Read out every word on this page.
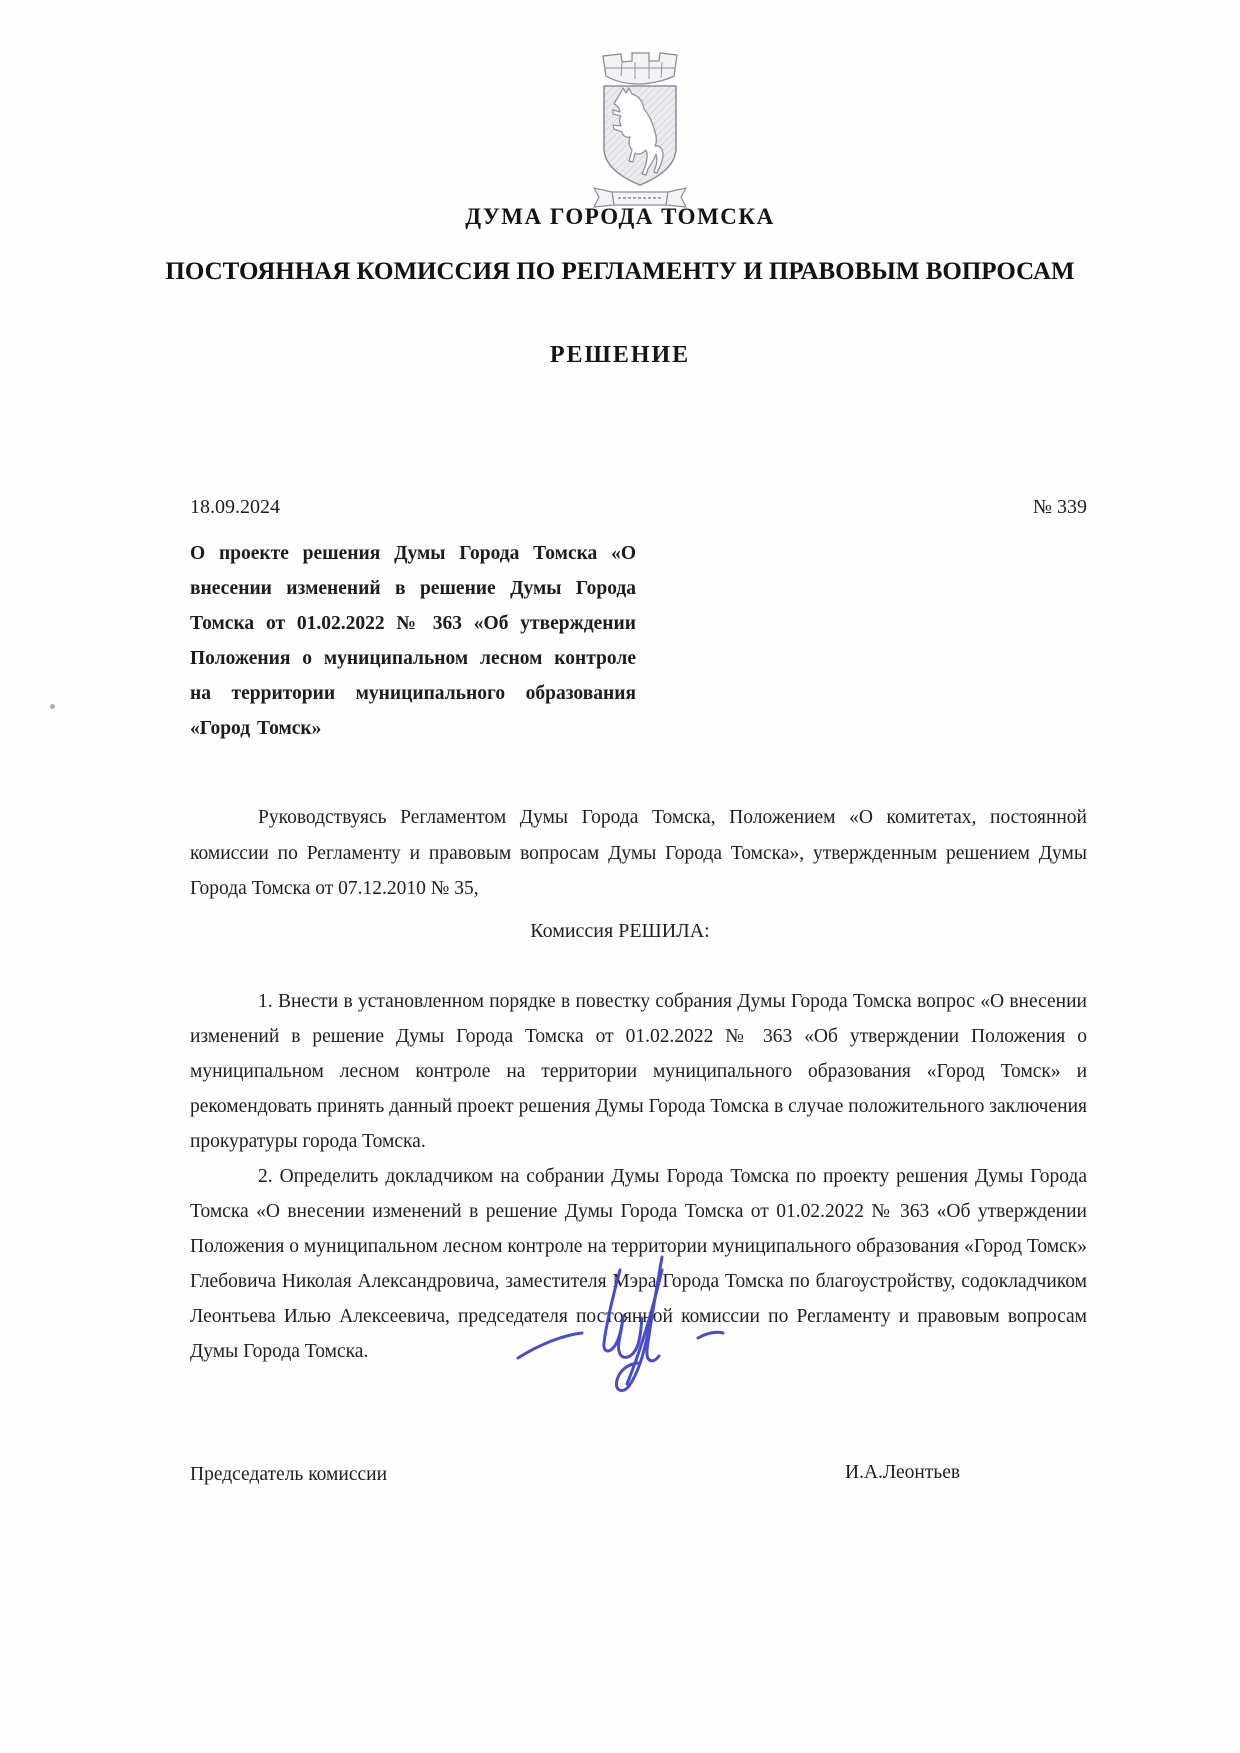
ДУМА ГОРОДА ТОМСКА
ПОСТОЯННАЯ КОМИССИЯ ПО РЕГЛАМЕНТУ И ПРАВОВЫМ ВОПРОСАМ
РЕШЕНИЕ
18.09.2024	№ 339
О проекте решения Думы Города Томска «О внесении изменений в решение Думы Города Томска от 01.02.2022 № 363 «Об утверждении Положения о муниципальном лесном контроле на территории муниципального образования «Город Томск»
Руководствуясь Регламентом Думы Города Томска, Положением «О комитетах, постоянной комиссии по Регламенту и правовым вопросам Думы Города Томска», утвержденным решением Думы Города Томска от 07.12.2010 № 35,
Комиссия РЕШИЛА:

1. Внести в установленном порядке в повестку собрания Думы Города Томска вопрос «О внесении изменений в решение Думы Города Томска от 01.02.2022 № 363 «Об утверждении Положения о муниципальном лесном контроле на территории муниципального образования «Город Томск» и рекомендовать принять данный проект решения Думы Города Томска в случае положительного заключения прокуратуры города Томска.

2. Определить докладчиком на собрании Думы Города Томска по проекту решения Думы Города Томска «О внесении изменений в решение Думы Города Томска от 01.02.2022 № 363 «Об утверждении Положения о муниципальном лесном контроле на территории муниципального образования «Город Томск» Глебовича Николая Александровича, заместителя Мэра Города Томска по благоустройству, содокладчиком Леонтьева Илью Алексеевича, председателя постоянной комиссии по Регламенту и правовым вопросам Думы Города Томска.

Председатель комиссии	И.А.Леонтьев
